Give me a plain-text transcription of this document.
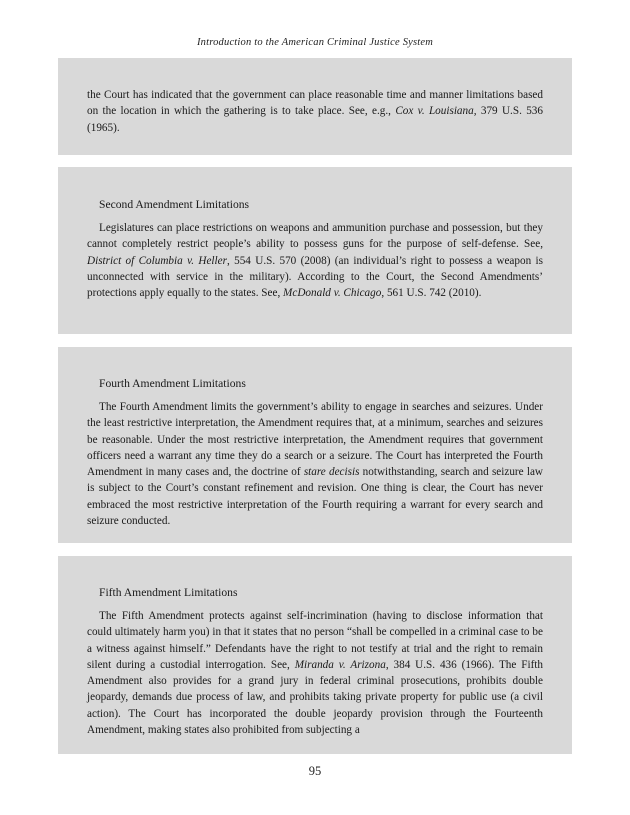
Introduction to the American Criminal Justice System

the Court has indicated that the government can place reasonable time and manner limitations based on the location in which the gathering is to take place. See, e.g., Cox v. Louisiana, 379 U.S. 536 (1965).

Second Amendment Limitations

Legislatures can place restrictions on weapons and ammunition purchase and possession, but they cannot completely restrict people’s ability to possess guns for the purpose of self-defense. See, District of Columbia v. Heller, 554 U.S. 570 (2008) (an individual’s right to possess a weapon is unconnected with service in the military). According to the Court, the Second Amendments’ protections apply equally to the states. See, McDonald v. Chicago, 561 U.S. 742 (2010).

Fourth Amendment Limitations

The Fourth Amendment limits the government’s ability to engage in searches and seizures. Under the least restrictive interpretation, the Amendment requires that, at a minimum, searches and seizures be reasonable. Under the most restrictive interpretation, the Amendment requires that government officers need a warrant any time they do a search or a seizure. The Court has interpreted the Fourth Amendment in many cases and, the doctrine of stare decisis notwithstanding, search and seizure law is subject to the Court’s constant refinement and revision. One thing is clear, the Court has never embraced the most restrictive interpretation of the Fourth requiring a warrant for every search and seizure conducted.

Fifth Amendment Limitations

The Fifth Amendment protects against self-incrimination (having to disclose information that could ultimately harm you) in that it states that no person “shall be compelled in a criminal case to be a witness against himself.” Defendants have the right to not testify at trial and the right to remain silent during a custodial interrogation. See, Miranda v. Arizona, 384 U.S. 436 (1966). The Fifth Amendment also provides for a grand jury in federal criminal prosecutions, prohibits double jeopardy, demands due process of law, and prohibits taking private property for public use (a civil action). The Court has incorporated the double jeopardy provision through the Fourteenth Amendment, making states also prohibited from subjecting a

95
